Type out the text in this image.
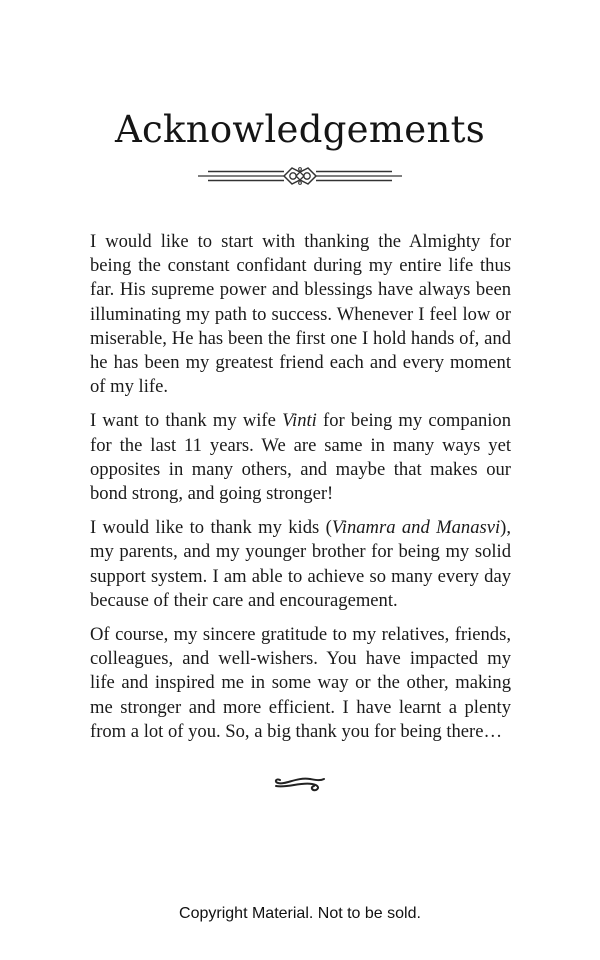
Acknowledgements

I would like to start with thanking the Almighty for being the constant confidant during my entire life thus far. His supreme power and blessings have always been illuminating my path to success. Whenever I feel low or miserable, He has been the first one I hold hands of, and he has been my greatest friend each and every moment of my life.

I want to thank my wife Vinti for being my companion for the last 11 years. We are same in many ways yet opposites in many others, and maybe that makes our bond strong, and going stronger!

I would like to thank my kids (Vinamra and Manasvi), my parents, and my younger brother for being my solid support system. I am able to achieve so many every day because of their care and encouragement.

Of course, my sincere gratitude to my relatives, friends, colleagues, and well-wishers. You have impacted my life and inspired me in some way or the other, making me stronger and more efficient. I have learnt a plenty from a lot of you. So, a big thank you for being there…

Copyright Material. Not to be sold.
